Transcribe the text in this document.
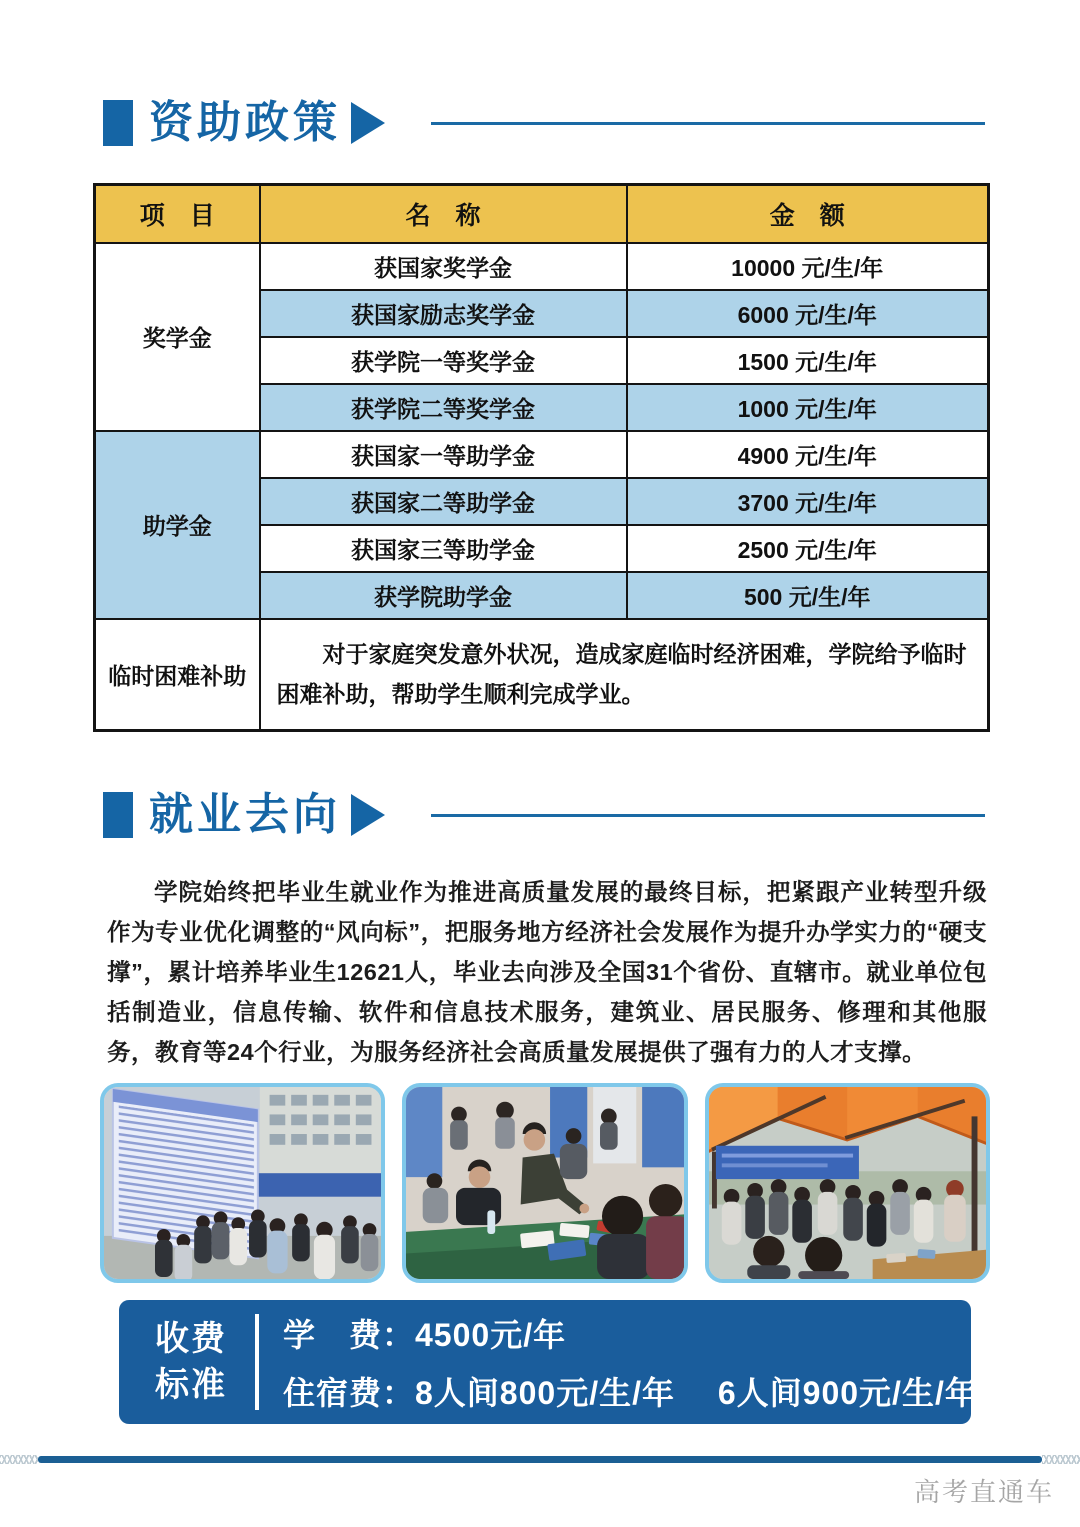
资助政策
项　目	名　称	金　额
奖学金	获国家奖学金	10000 元/生/年
	获国家励志奖学金	6000 元/生/年
	获学院一等奖学金	1500 元/生/年
	获学院二等奖学金	1000 元/生/年
助学金	获国家一等助学金	4900 元/生/年
	获国家二等助学金	3700 元/生/年
	获国家三等助学金	2500 元/生/年
	获学院助学金	500 元/生/年
临时困难补助	对于家庭突发意外状况，造成家庭临时经济困难，学院给予临时困难补助，帮助学生顺利完成学业。	
就业去向

学院始终把毕业生就业作为推进高质量发展的最终目标，把紧跟产业转型升级作为专业优化调整的“风向标”，把服务地方经济社会发展作为提升办学实力的“硬支撑”，累计培养毕业生12621人，毕业去向涉及全国31个省份、直辖市。就业单位包括制造业，信息传输、软件和信息技术服务，建筑业、居民服务、修理和其他服务，教育等24个行业，为服务经济社会高质量发展提供了强有力的人才支撑。

收费
标准
学　费：4500元/年
住宿费：8人间800元/生/年　 6人间900元/生/年
高考直通车
